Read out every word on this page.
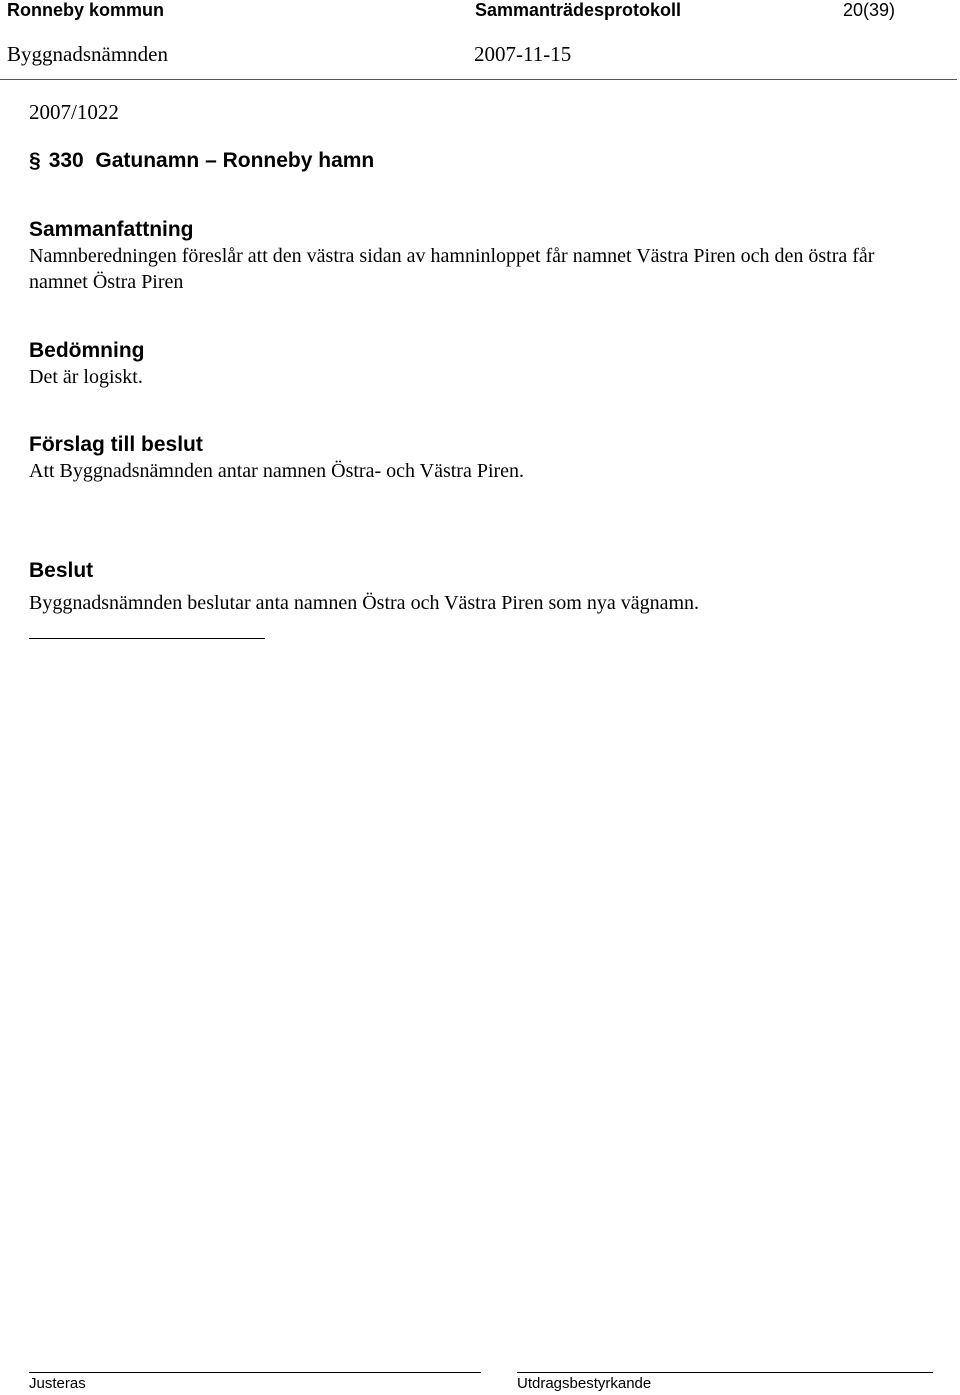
Ronneby kommun	Sammanträdesprotokoll	20(39)
Byggnadsnämnden	2007-11-15
2007/1022
§ 330  Gatunamn – Ronneby hamn
Sammanfattning
Namnberedningen föreslår att den västra sidan av hamninloppet får namnet Västra Piren och den östra får namnet Östra Piren
Bedömning
Det är logiskt.
Förslag till beslut
Att Byggnadsnämnden antar namnen Östra- och Västra Piren.
Beslut
Byggnadsnämnden beslutar anta namnen Östra och Västra Piren som nya vägnamn.
Justeras	Utdragsbestyrkande
